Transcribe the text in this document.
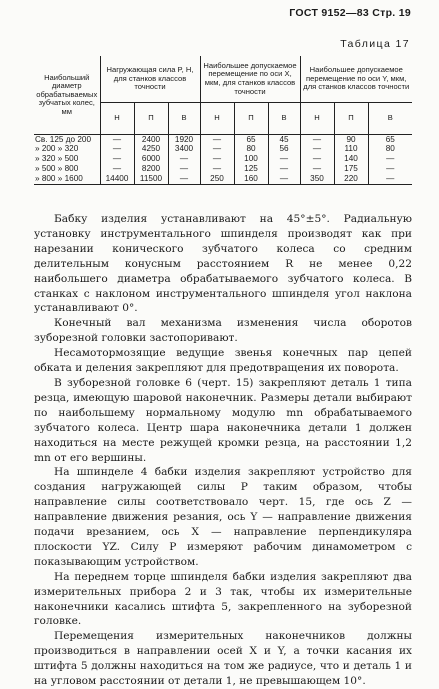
ГОСТ 9152—83 Стр. 19
Таблица 17
Наибольший диаметр обрабатываемых зубчатых колес, мм	Нагружающая сила P, Н, для станков классов точности			Наибольшее допускаемое перемещение по оси X, мкм, для станков классов точности			Наибольшее допускаемое перемещение по оси Y, мкм, для станков классов точности		
	Н	П	В	Н	П	В	Н	П	В
Св. 125 до 200	—	2400	1920	—	65	45	—	90	65
» 200 » 320	—	4250	3400	—	80	56	—	110	80
» 320 » 500	—	6000	—	—	100	—	—	140	—
» 500 » 800	—	8200	—	—	125	—	—	175	—
» 800 » 1600	14400	11500	—	250	160	—	350	220	—

Бабку изделия устанавливают на 45°±5°. Радиальную установку инструментального шпинделя производят как при нарезании конического зубчатого колеса со средним делительным конусным расстоянием R не менее 0,22 наибольшего диаметра обрабатываемого зубчатого колеса. В станках с наклоном инструментального шпинделя угол наклона устанавливают 0°.

Конечный вал механизма изменения числа оборотов зуборезной головки застопоривают.

Несамотормозящие ведущие звенья конечных пар цепей обката и деления закрепляют для предотвращения их поворота.

В зуборезной головке 6 (черт. 15) закрепляют деталь 1 типа резца, имеющую шаровой наконечник. Размеры детали выбирают по наибольшему нормальному модулю mn обрабатываемого зубчатого колеса. Центр шара наконечника детали 1 должен находиться на месте режущей кромки резца, на расстоянии 1,2 mn от его вершины.

На шпинделе 4 бабки изделия закрепляют устройство для создания нагружающей силы P таким образом, чтобы направление силы соответствовало черт. 15, где ось Z — направление движения резания, ось Y — направление движения подачи врезанием, ось X — направление перпендикуляра плоскости YZ. Силу P измеряют рабочим динамометром с показывающим устройством.

На переднем торце шпинделя бабки изделия закрепляют два измерительных прибора 2 и 3 так, чтобы их измерительные наконечники касались штифта 5, закрепленного на зуборезной головке.

Перемещения измерительных наконечников должны производиться в направлении осей X и Y, а точки касания их штифта 5 должны находиться на том же радиусе, что и деталь 1 и на угловом расстоянии от детали 1, не превышающем 10°.
